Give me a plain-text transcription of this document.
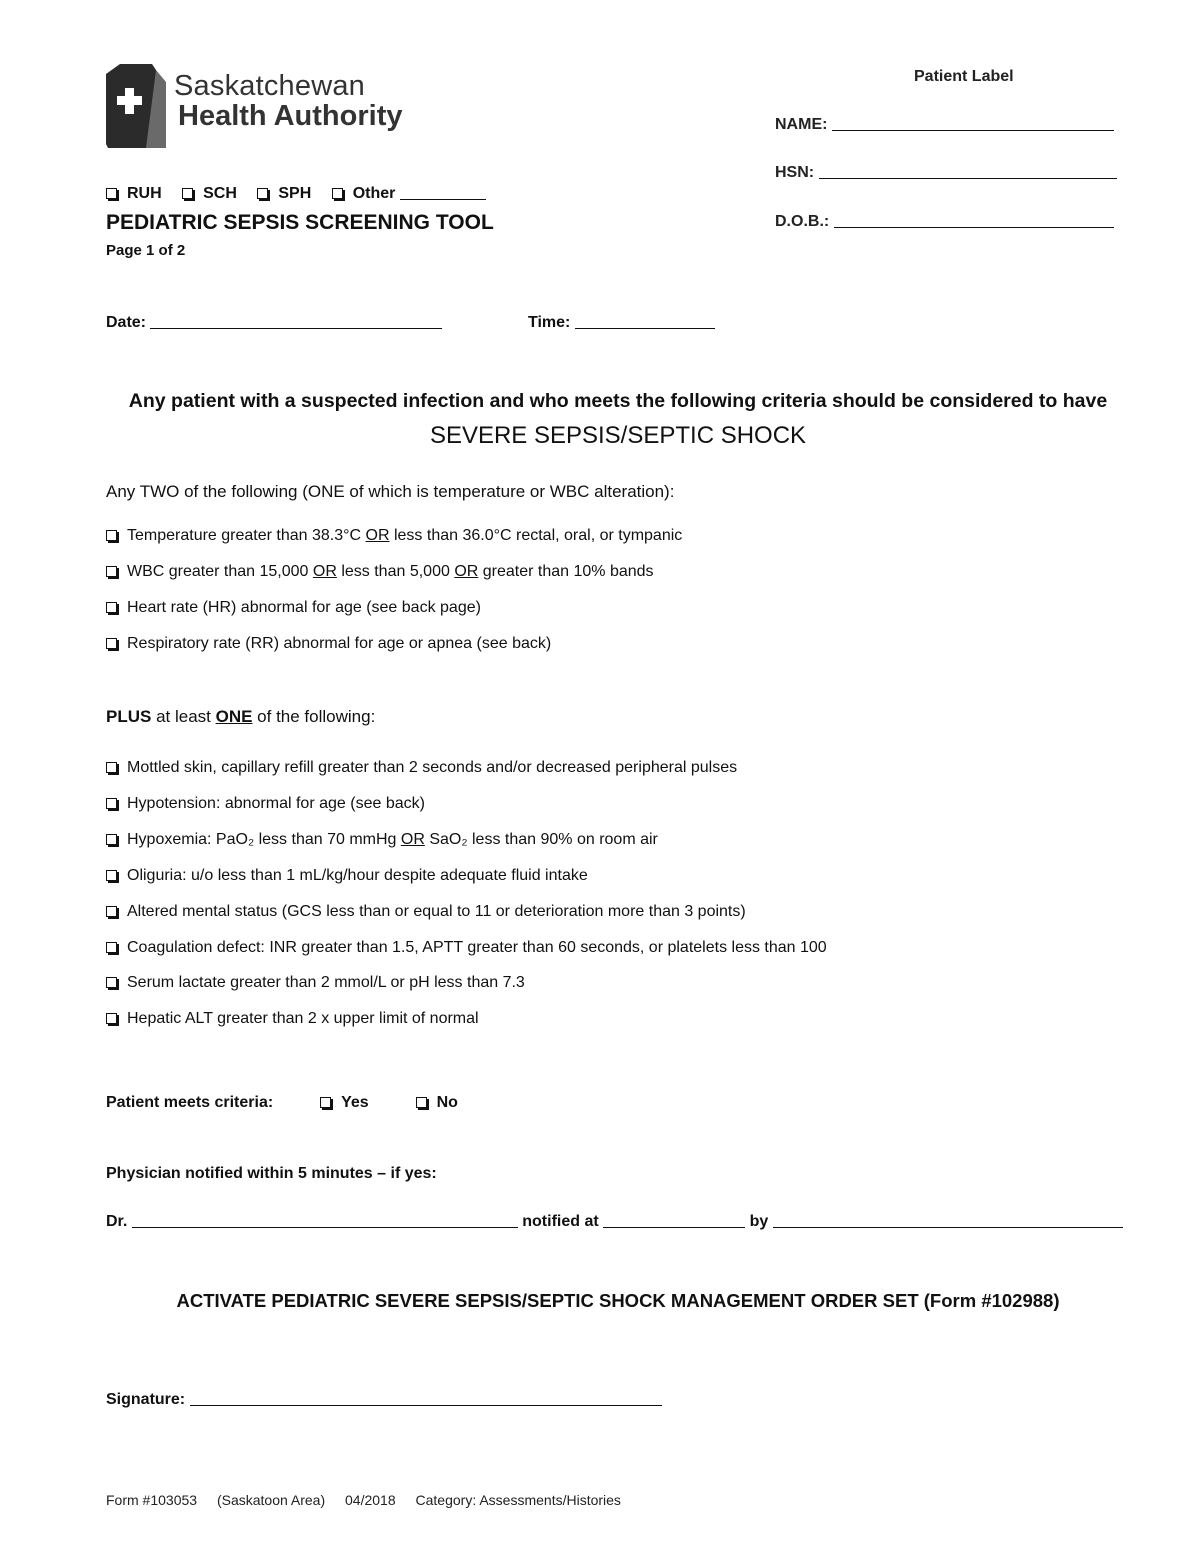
Saskatchewan
Health Authority
RUH	SCH	SPH	Other
PEDIATRIC SEPSIS SCREENING TOOL
Page 1 of 2
Patient Label
NAME:
HSN:
D.O.B.:
Date:	Time:
Any patient with a suspected infection and who meets the following criteria should be considered to have
SEVERE SEPSIS/SEPTIC SHOCK
Any TWO of the following (ONE of which is temperature or WBC alteration):
Temperature greater than 38.3°C OR less than 36.0°C rectal, oral, or tympanic
WBC greater than 15,000 OR less than 5,000 OR greater than 10% bands
Heart rate (HR) abnormal for age (see back page)
Respiratory rate (RR) abnormal for age or apnea (see back)
PLUS at least ONE of the following:
Mottled skin, capillary refill greater than 2 seconds and/or decreased peripheral pulses
Hypotension: abnormal for age (see back)
Hypoxemia: PaO₂ less than 70 mmHg OR SaO₂ less than 90% on room air
Oliguria: u/o less than 1 mL/kg/hour despite adequate fluid intake
Altered mental status (GCS less than or equal to 11 or deterioration more than 3 points)
Coagulation defect: INR greater than 1.5, APTT greater than 60 seconds, or platelets less than 100
Serum lactate greater than 2 mmol/L or pH less than 7.3
Hepatic ALT greater than 2 x upper limit of normal
Patient meets criteria:	Yes	No
Physician notified within 5 minutes – if yes:
Dr.	notified at	by
ACTIVATE PEDIATRIC SEVERE SEPSIS/SEPTIC SHOCK MANAGEMENT ORDER SET (Form #102988)
Signature:
Form #103053 (Saskatoon Area) 04/2018 Category: Assessments/Histories
